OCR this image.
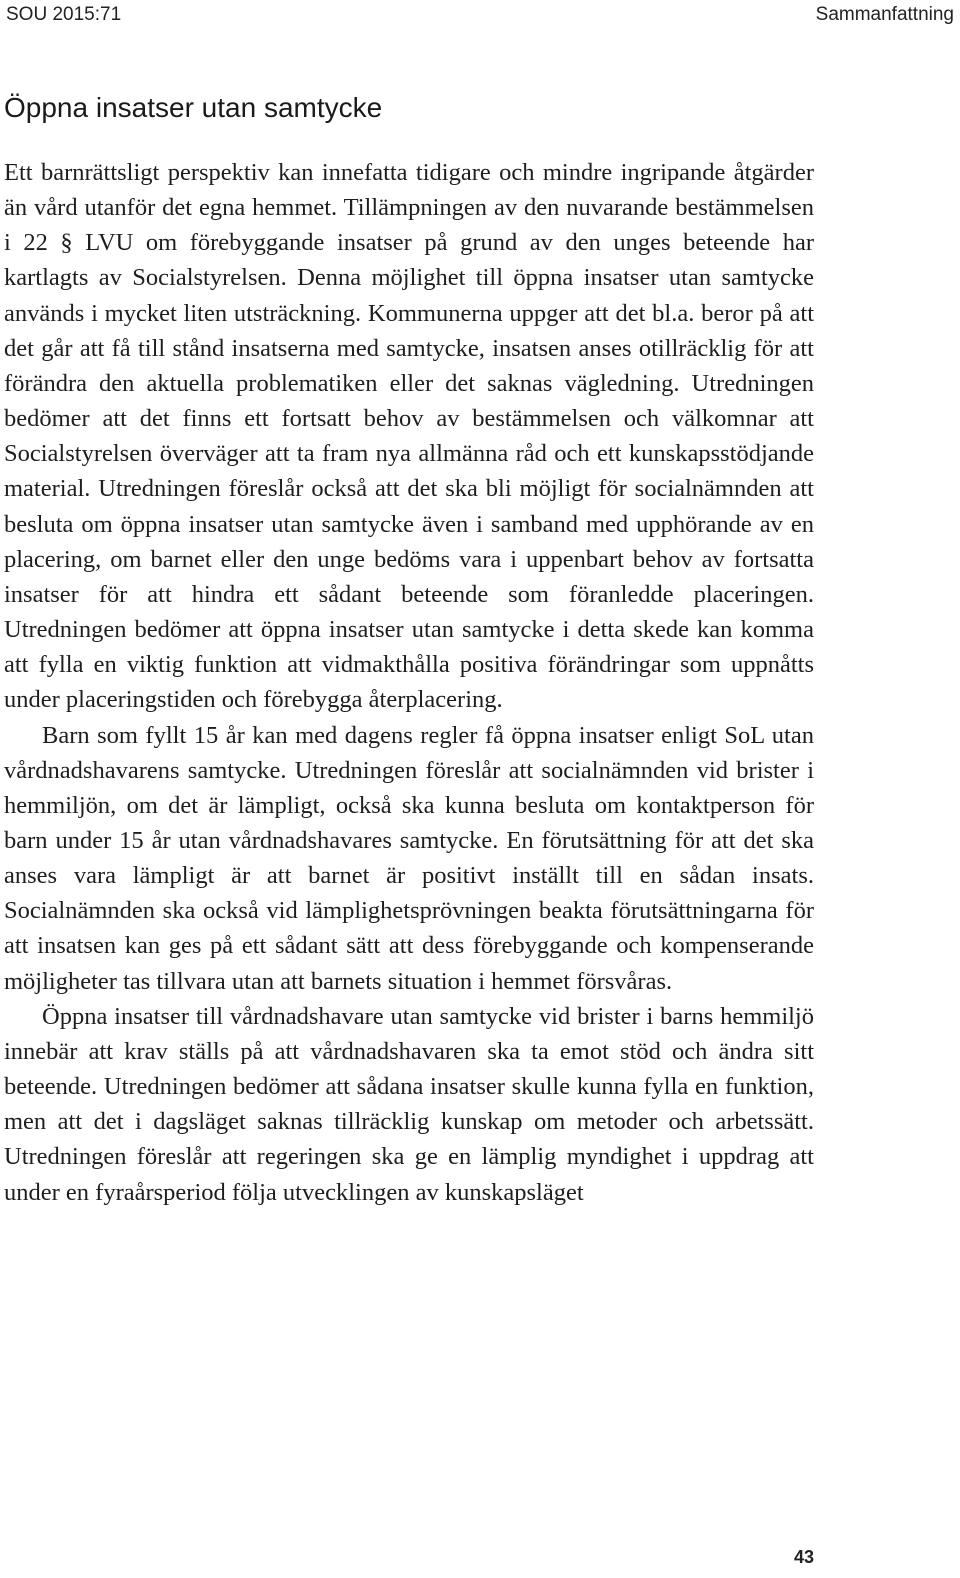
SOU 2015:71	Sammanfattning
Öppna insatser utan samtycke

Ett barnrättsligt perspektiv kan innefatta tidigare och mindre ingripande åtgärder än vård utanför det egna hemmet. Tillämpningen av den nuvarande bestämmelsen i 22 § LVU om förebyggande insatser på grund av den unges beteende har kartlagts av Socialstyrelsen. Denna möjlighet till öppna insatser utan samtycke används i mycket liten utsträckning. Kommunerna uppger att det bl.a. beror på att det går att få till stånd insatserna med samtycke, insatsen anses otillräcklig för att förändra den aktuella problematiken eller det saknas vägledning. Utredningen bedömer att det finns ett fortsatt behov av bestämmelsen och välkomnar att Socialstyrelsen överväger att ta fram nya allmänna råd och ett kunskapsstödjande material. Utredningen föreslår också att det ska bli möjligt för socialnämnden att besluta om öppna insatser utan samtycke även i samband med upphörande av en placering, om barnet eller den unge bedöms vara i uppenbart behov av fortsatta insatser för att hindra ett sådant beteende som föranledde placeringen. Utredningen bedömer att öppna insatser utan samtycke i detta skede kan komma att fylla en viktig funktion att vidmakthålla positiva förändringar som uppnåtts under placeringstiden och förebygga återplacering.

Barn som fyllt 15 år kan med dagens regler få öppna insatser enligt SoL utan vårdnadshavarens samtycke. Utredningen föreslår att socialnämnden vid brister i hemmiljön, om det är lämpligt, också ska kunna besluta om kontaktperson för barn under 15 år utan vårdnadshavares samtycke. En förutsättning för att det ska anses vara lämpligt är att barnet är positivt inställt till en sådan insats. Socialnämnden ska också vid lämplighetsprövningen beakta förutsättningarna för att insatsen kan ges på ett sådant sätt att dess förebyggande och kompenserande möjligheter tas tillvara utan att barnets situation i hemmet försvåras.

Öppna insatser till vårdnadshavare utan samtycke vid brister i barns hemmiljö innebär att krav ställs på att vårdnadshavaren ska ta emot stöd och ändra sitt beteende. Utredningen bedömer att sådana insatser skulle kunna fylla en funktion, men att det i dagsläget saknas tillräcklig kunskap om metoder och arbetssätt. Utredningen föreslår att regeringen ska ge en lämplig myndighet i uppdrag att under en fyraårsperiod följa utvecklingen av kunskapsläget

43
